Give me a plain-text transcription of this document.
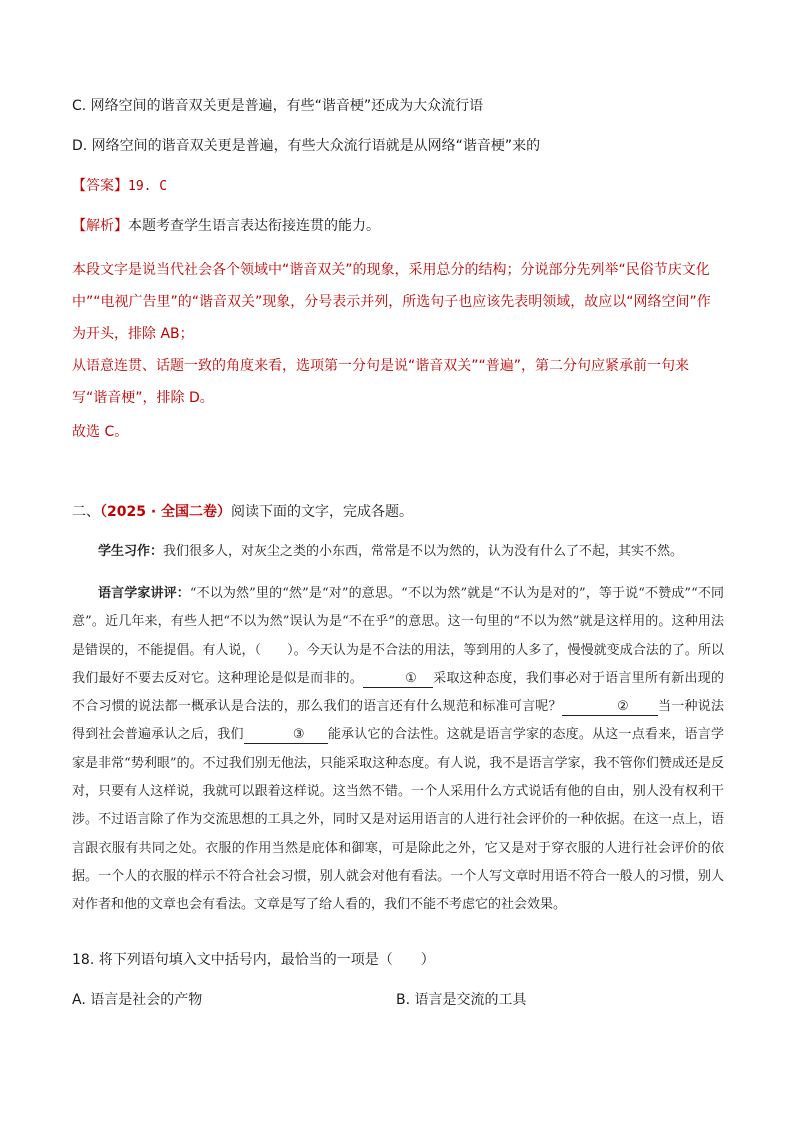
C. 网络空间的谐音双关更是普遍，有些“谐音梗”还成为大众流行语
D. 网络空间的谐音双关更是普遍，有些大众流行语就是从网络“谐音梗”来的
【答案】19. C
【解析】本题考查学生语言表达衔接连贯的能力。
本段文字是说当代社会各个领域中“谐音双关”的现象，采用总分的结构；分说部分先列举“民俗节庆文化中”“电视广告里”的“谐音双关”现象，分号表示并列，所选句子也应该先表明领域，故应以“网络空间”作为开头，排除 AB；
从语意连贯、话题一致的角度来看，选项第一分句是说“谐音双关”“普遍”，第二分句应紧承前一句来写“谐音梗”，排除 D。
故选 C。
二、（2025 · 全国二卷）阅读下面的文字，完成各题。

学生习作：我们很多人，对灰尘之类的小东西，常常是不以为然的，认为没有什么了不起，其实不然。

语言学家讲评：“不以为然”里的“然”是“对”的意思。“不以为然”就是“不认为是对的”，等于说“不赞成”“不同意”。近几年来，有些人把“不以为然”误认为是“不在乎”的意思。这一句里的“不以为然”就是这样用的。这种用法是错误的，不能提倡。有人说，（　　）。今天认为是不合法的用法，等到用的人多了，慢慢就变成合法的了。所以我们最好不要去反对它。这种理论是似是而非的。	① 采取这种态度，我们事必对于语言里所有新出现的不合习惯的说法都一概承认是合法的，那么我们的语言还有什么规范和标准可言呢？	② 当一种说法得到社会普遍承认之后，我们	③ 能承认它的合法性。这就是语言学家的态度。从这一点看来，语言学家是非常“势利眼”的。不过我们别无他法，只能采取这种态度。有人说，我不是语言学家，我不管你们赞成还是反对，只要有人这样说，我就可以跟着这样说。这当然不错。一个人采用什么方式说话有他的自由，别人没有权利干涉。不过语言除了作为交流思想的工具之外，同时又是对运用语言的人进行社会评价的一种依据。在这一点上，语言跟衣服有共同之处。衣服的作用当然是庇体和御寒，可是除此之外，它又是对于穿衣服的人进行社会评价的依据。一个人的衣服的样示不符合社会习惯，别人就会对他有看法。一个人写文章时用语不符合一般人的习惯，别人对作者和他的文章也会有看法。文章是写了给人看的，我们不能不考虑它的社会效果。

18. 将下列语句填入文中括号内，最恰当的一项是（　　）
A. 语言是社会的产物	B. 语言是交流的工具
